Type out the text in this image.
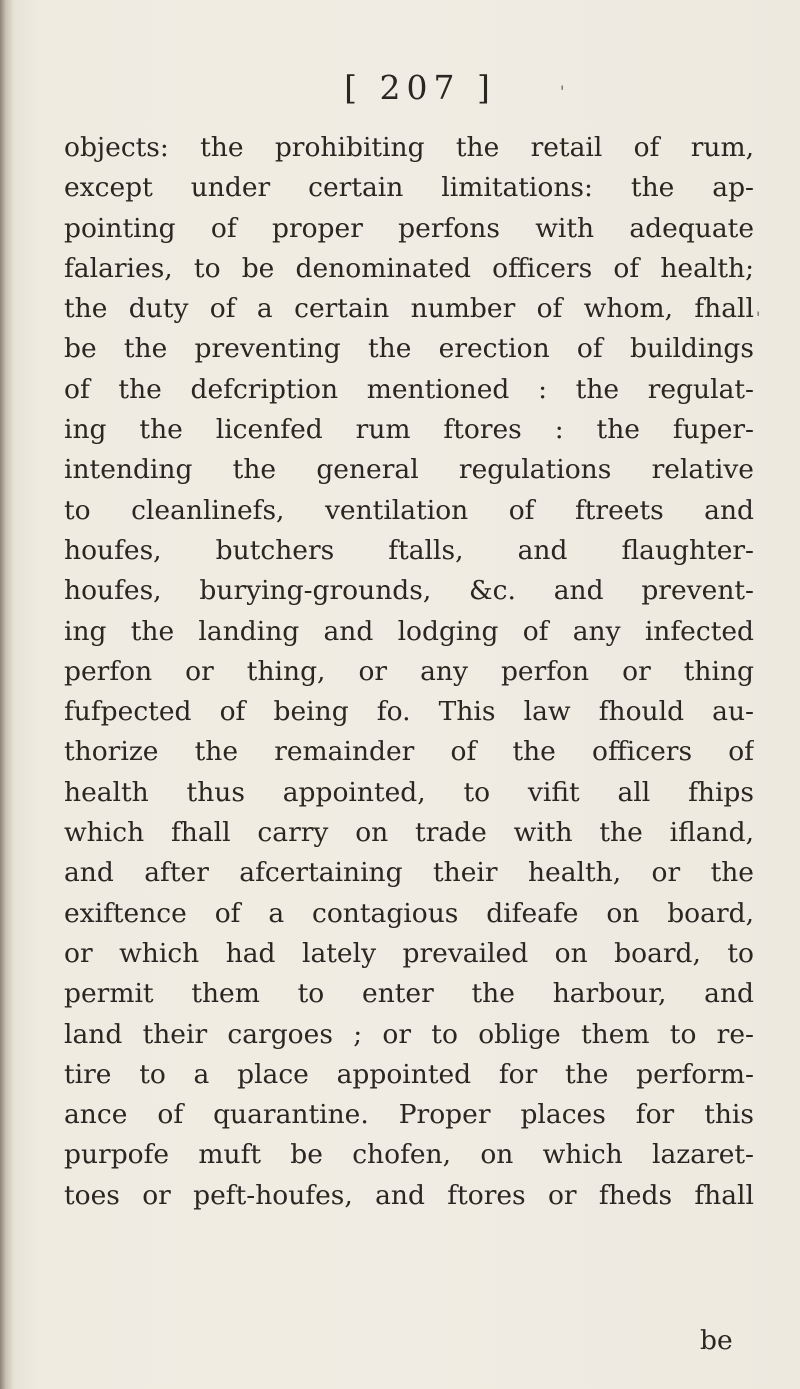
[ 207 ]	'
'
objects: the prohibiting the retail of rum,
except under certain limitations: the ap-
pointing of proper perfons with adequate
falaries, to be denominated officers of health;
the duty of a certain number of whom, fhall
be the preventing the erection of buildings
of the defcription mentioned : the regulat-
ing the licenfed rum ftores : the fuper-
intending the general regulations relative
to cleanlinefs, ventilation of ftreets and
houfes, butchers ftalls, and flaughter-
houfes, burying-grounds, &c. and prevent-
ing the landing and lodging of any infected
perfon or thing, or any perfon or thing
fufpected of being fo. This law fhould au-
thorize the remainder of the officers of
health thus appointed, to vifit all fhips
which fhall carry on trade with the ifland,
and after afcertaining their health, or the
exiftence of a contagious difeafe on board,
or which had lately prevailed on board, to
permit them to enter the harbour, and
land their cargoes ; or to oblige them to re-
tire to a place appointed for the perform-
ance of quarantine. Proper places for this
purpofe muft be chofen, on which lazaret-
toes or peft-houfes, and ftores or fheds fhall
be
